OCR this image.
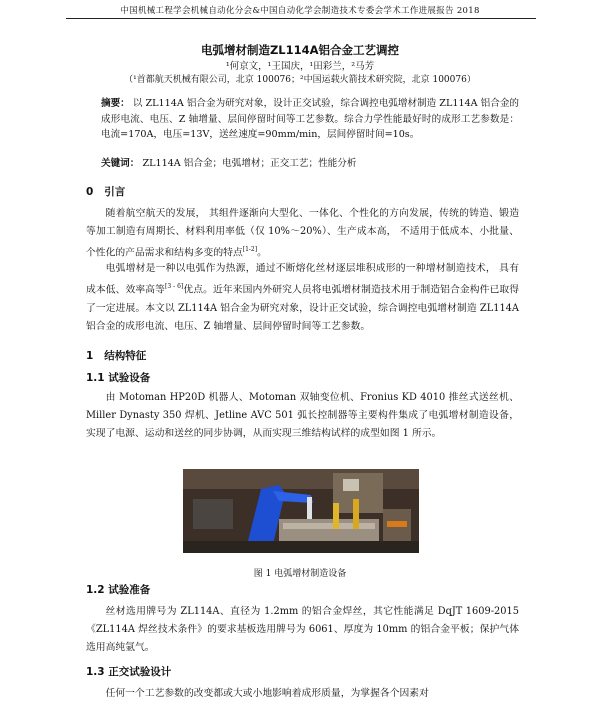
中国机械工程学会机械自动化分会&中国自动化学会制造技术专委会学术工作进展报告 2018
电弧增材制造ZL114A铝合金工艺调控
¹何京文，¹王国庆，¹田彩兰，²马芳
（¹首都航天机械有限公司，北京 100076；²中国运载火箭技术研究院，北京 100076）
摘要： 以 ZL114A 铝合金为研究对象，设计正交试验，综合调控电弧增材制造 ZL114A 铝合金的成形电流、电压、Z 轴增量、层间停留时间等工艺参数。综合力学性能最好时的成形工艺参数是：电流=170A，电压=13V，送丝速度=90mm/min，层间停留时间=10s。
关键词： ZL114A 铝合金；电弧增材；正交工艺；性能分析
0 引言
随着航空航天的发展， 其组件逐渐向大型化、一体化、个性化的方向发展，传统的铸造、锻造等加工制造有周期长、材料利用率低（仅 10%～20%）、生产成本高， 不适用于低成本、小批量、个性化的产品需求和结构多变的特点[1-2]。
电弧增材是一种以电弧作为热源，通过不断熔化丝材逐层堆积成形的一种增材制造技术， 具有成本低、效率高等[3 - 6]优点。近年来国内外研究人员将电弧增材制造技术用于制造铝合金构件已取得了一定进展。本文以 ZL114A 铝合金为研究对象，设计正交试验，综合调控电弧增材制造 ZL114A 铝合金的成形电流、电压、Z 轴增量、层间停留时间等工艺参数。
1 结构特征
1.1 试验设备
由 Motoman HP20D 机器人、Motoman 双轴变位机、Fronius KD 4010 推丝式送丝机、Miller Dynasty 350 焊机、Jetline AVC 501 弧长控制器等主要构件集成了电弧增材制造设备，实现了电源、运动和送丝的同步协调，从而实现三维结构试样的成型如图 1 所示。
图 1 电弧增材制造设备
1.2 试验准备
丝材选用牌号为 ZL114A、直径为 1.2mm 的铝合金焊丝，其它性能满足 DqJT 1609-2015《ZL114A 焊丝技术条件》的要求基板选用牌号为 6061、厚度为 10mm 的铝合金平板；保护气体选用高纯氩气。
1.3 正交试验设计
任何一个工艺参数的改变都或大或小地影响着成形质量，为掌握各个因素对
